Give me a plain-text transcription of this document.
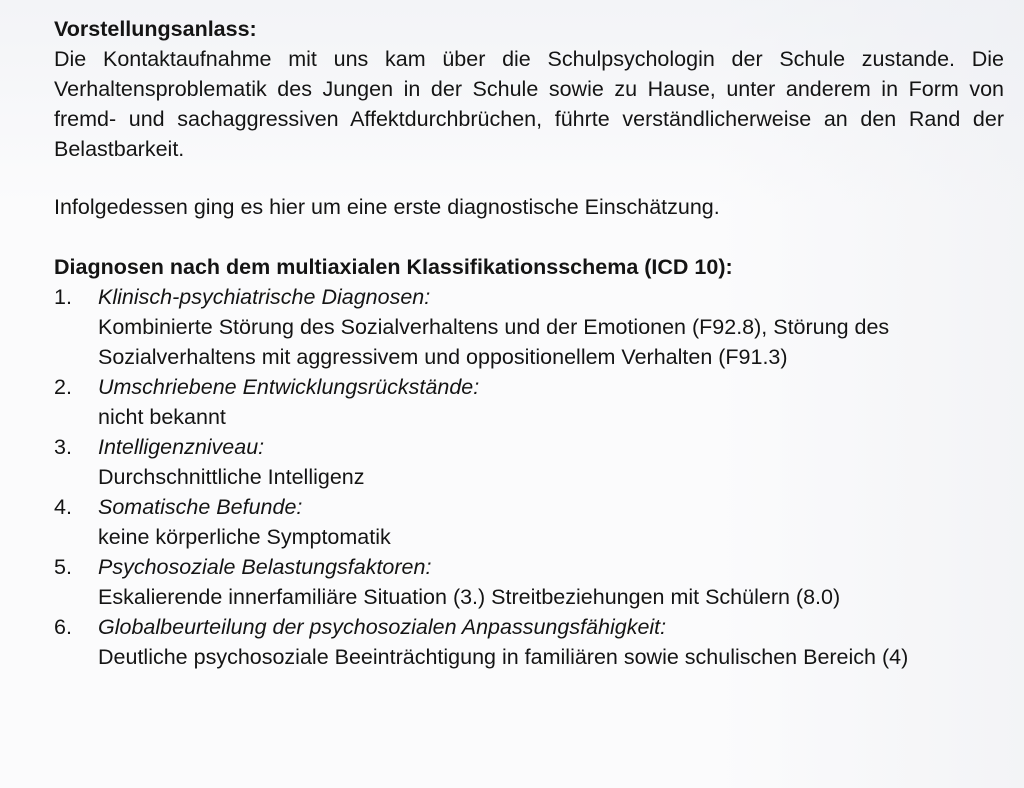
Vorstellungsanlass:

Die Kontaktaufnahme mit uns kam über die Schulpsychologin der Schule zustande. Die Verhaltensproblematik des Jungen in der Schule sowie zu Hause, unter anderem in Form von fremd- und sachaggressiven Affektdurchbrüchen, führte verständlicherweise an den Rand der Belastbarkeit.

Infolgedessen ging es hier um eine erste diagnostische Einschätzung.

Diagnosen nach dem multiaxialen Klassifikationsschema (ICD 10):
1. Klinisch-psychiatrische Diagnosen:
Kombinierte Störung des Sozialverhaltens und der Emotionen (F92.8), Störung des Sozialverhaltens mit aggressivem und oppositionellem Verhalten (F91.3)
2. Umschriebene Entwicklungsrückstände:
nicht bekannt
3. Intelligenzniveau:
Durchschnittliche Intelligenz
4. Somatische Befunde:
keine körperliche Symptomatik
5. Psychosoziale Belastungsfaktoren:
Eskalierende innerfamiliäre Situation (3.) Streitbeziehungen mit Schülern (8.0)
6. Globalbeurteilung der psychosozialen Anpassungsfähigkeit:
Deutliche psychosoziale Beeinträchtigung in familiären sowie schulischen Bereich (4)
